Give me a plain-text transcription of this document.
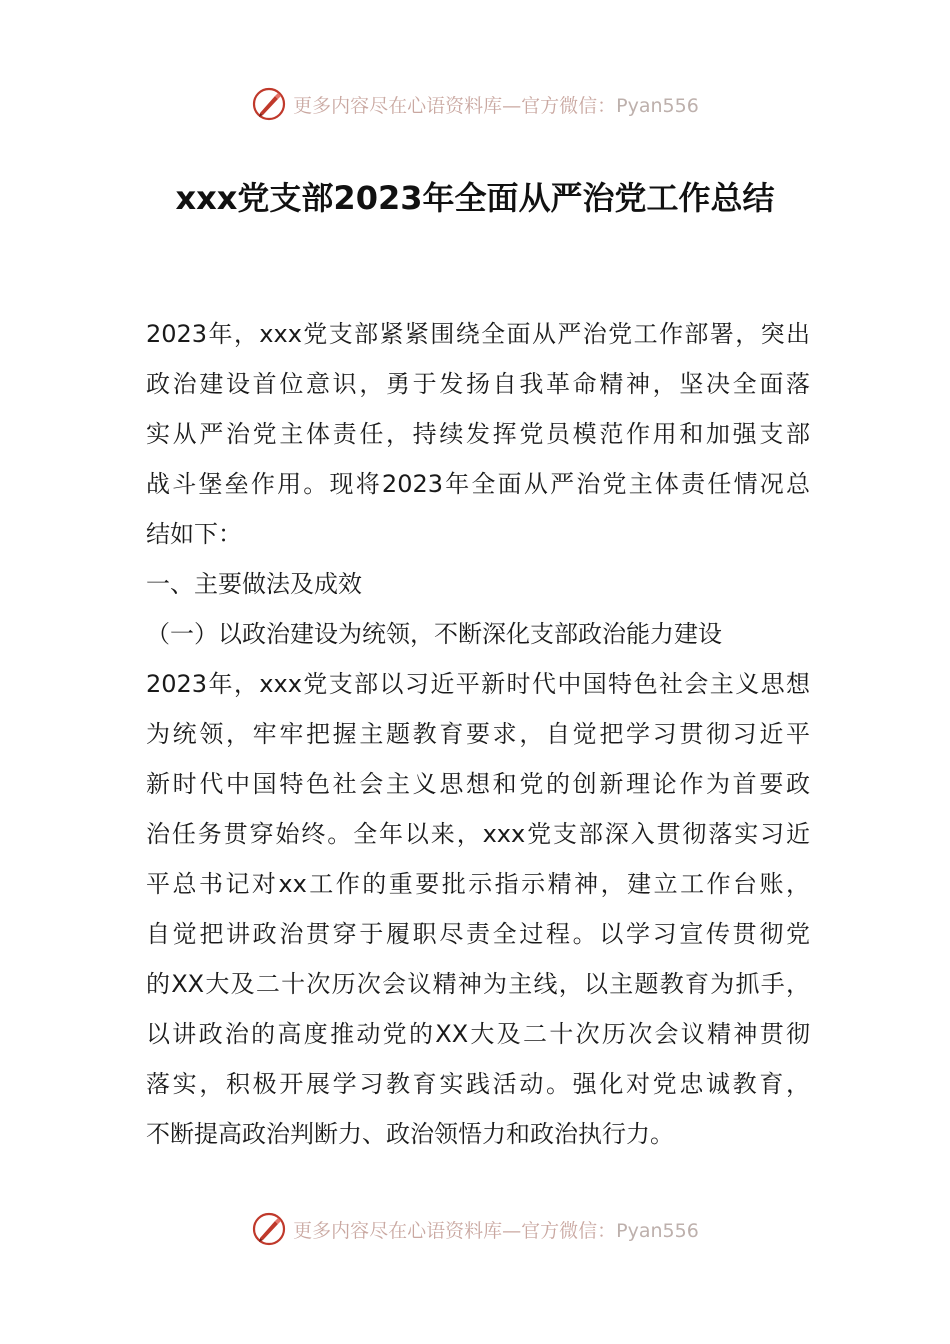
更多内容尽在心语资料库—官方微信：Pyan556
xxx党支部2023年全面从严治党工作总结
2023年，xxx党支部紧紧围绕全面从严治党工作部署，突出
政治建设首位意识，勇于发扬自我革命精神，坚决全面落
实从严治党主体责任，持续发挥党员模范作用和加强支部
战斗堡垒作用。现将2023年全面从严治党主体责任情况总
结如下：
一、主要做法及成效
（一）以政治建设为统领，不断深化支部政治能力建设
2023年，xxx党支部以习近平新时代中国特色社会主义思想
为统领，牢牢把握主题教育要求，自觉把学习贯彻习近平
新时代中国特色社会主义思想和党的创新理论作为首要政
治任务贯穿始终。全年以来，xxx党支部深入贯彻落实习近
平总书记对xx工作的重要批示指示精神，建立工作台账，
自觉把讲政治贯穿于履职尽责全过程。以学习宣传贯彻党
的XX大及二十次历次会议精神为主线，以主题教育为抓手，
以讲政治的高度推动党的XX大及二十次历次会议精神贯彻
落实，积极开展学习教育实践活动。强化对党忠诚教育，
不断提高政治判断力、政治领悟力和政治执行力。
更多内容尽在心语资料库—官方微信：Pyan556
